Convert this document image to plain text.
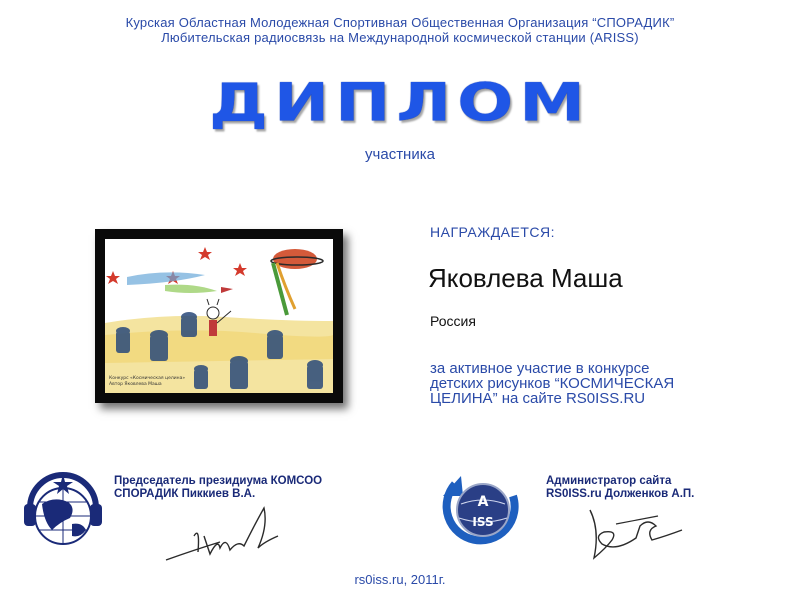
Курская Областная Молодежная Спортивная Общественная Организация “СПОРАДИК”
Любительская радиосвязь на Международной космической станции (ARISS)
ДИПЛОМ
участника
Конкурс «Космическая целина»
Автор Яковлева Маша
НАГРАЖДАЕТСЯ:
Яковлева Маша
Россия
за активное участие в конкурсе
детских рисунков “КОСМИЧЕСКАЯ
ЦЕЛИНА” на сайте RS0ISS.RU
Председатель президиума КОМСОО
СПОРАДИК Пиккиев В.А.	A
ISS
Администратор сайта
RS0ISS.ru Долженков А.П.
rs0iss.ru, 2011г.
